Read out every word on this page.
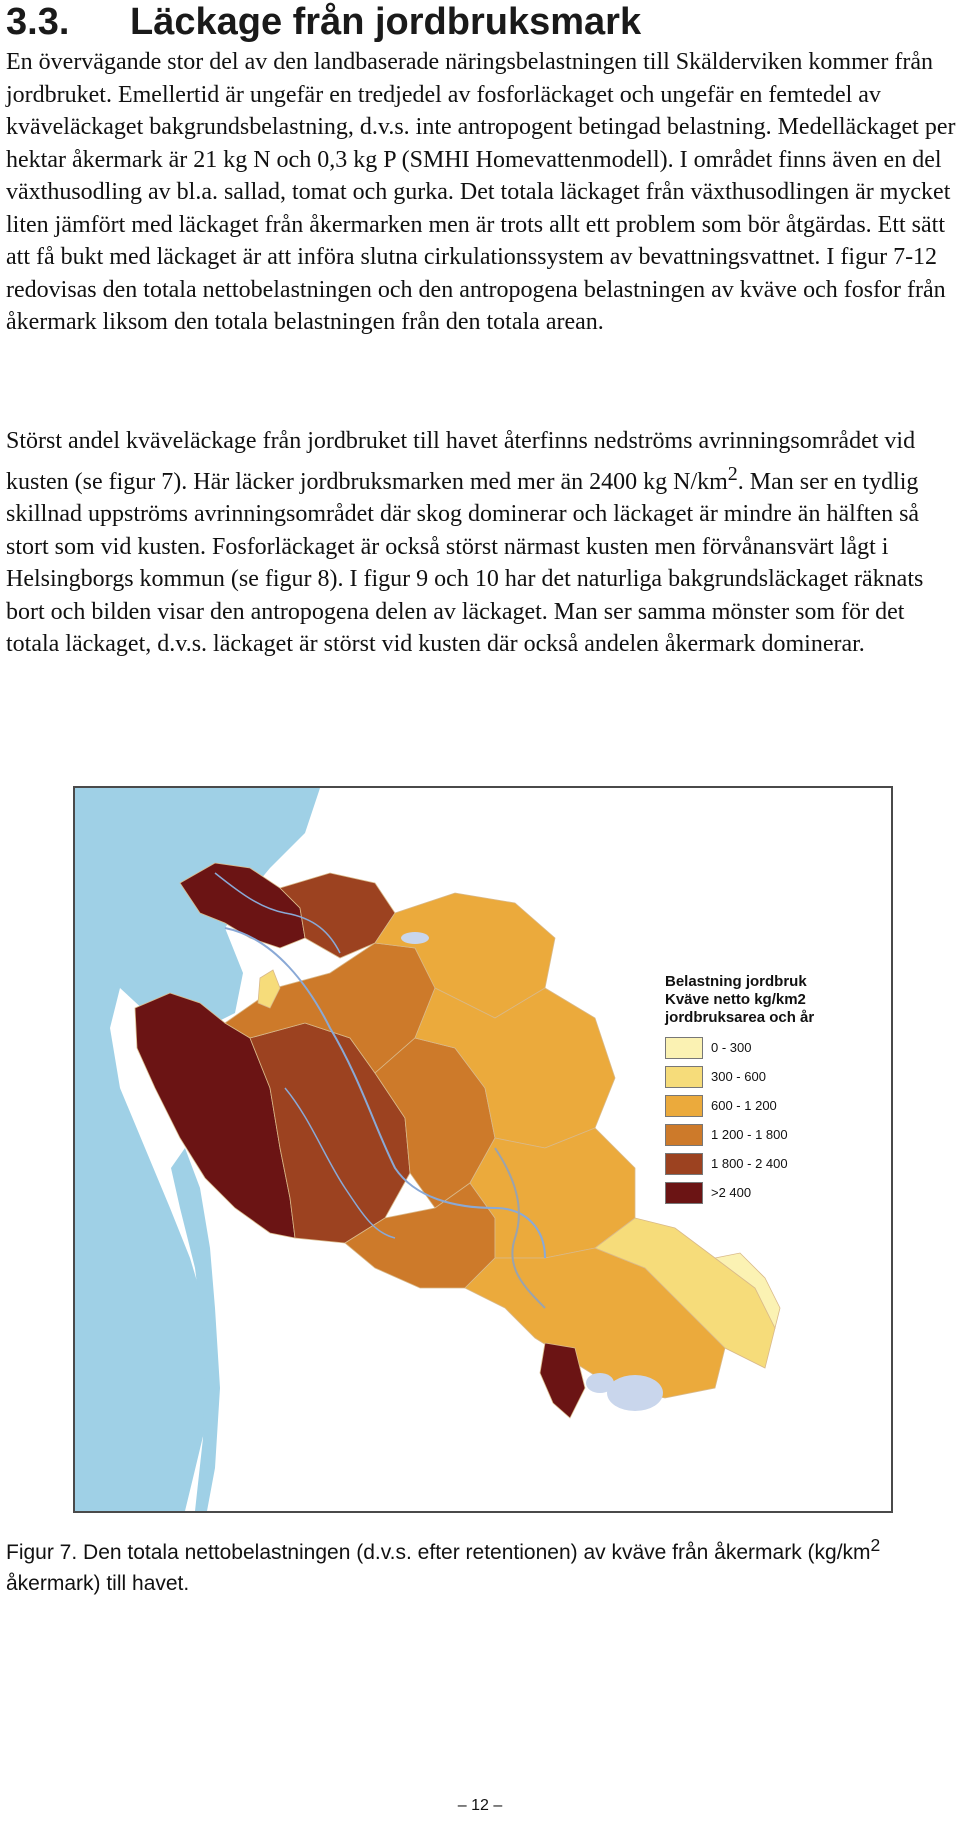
3.3. Läckage från jordbruksmark

En övervägande stor del av den landbaserade näringsbelastningen till Skälderviken kommer från jordbruket. Emellertid är ungefär en tredjedel av fosforläckaget och ungefär en femtedel av kväveläckaget bakgrundsbelastning, d.v.s. inte antropogent betingad belastning. Medelläckaget per hektar åkermark är 21 kg N och 0,3 kg P (SMHI Homevattenmodell). I området finns även en del växthusodling av bl.a. sallad, tomat och gurka. Det totala läckaget från växthusodlingen är mycket liten jämfört med läckaget från åkermarken men är trots allt ett problem som bör åtgärdas. Ett sätt att få bukt med läckaget är att införa slutna cirkulationssystem av bevattningsvattnet. I figur 7-12 redovisas den totala nettobelastningen och den antropogena belastningen av kväve och fosfor från åkermark liksom den totala belastningen från den totala arean.

Störst andel kväveläckage från jordbruket till havet återfinns nedströms avrinningsområdet vid kusten (se figur 7). Här läcker jordbruksmarken med mer än 2400 kg $N/km^2$. Man ser en tydlig skillnad uppströms avrinningsområdet där skog dominerar och läckaget är mindre än hälften så stort som vid kusten. Fosforläckaget är också störst närmast kusten men förvånansvärt lågt i Helsingborgs kommun (se figur 8). I figur 9 och 10 har det naturliga bakgrundsläckaget räknats bort och bilden visar den antropogena delen av läckaget. Man ser samma mönster som för det totala läckaget, d.v.s. läckaget är störst vid kusten där också andelen åkermark dominerar.

Belastning jordbruk
Kväve netto kg/km2
jordbruksarea och år

0 - 300
300 - 600
600 - 1 200
1 200 - 1 800
1 800 - 2 400
>2 400

Figur 7. Den totala nettobelastningen (d.v.s. efter retentionen) av kväve från åkermark ($kg/km^2$ åkermark) till havet.

– 12 –
